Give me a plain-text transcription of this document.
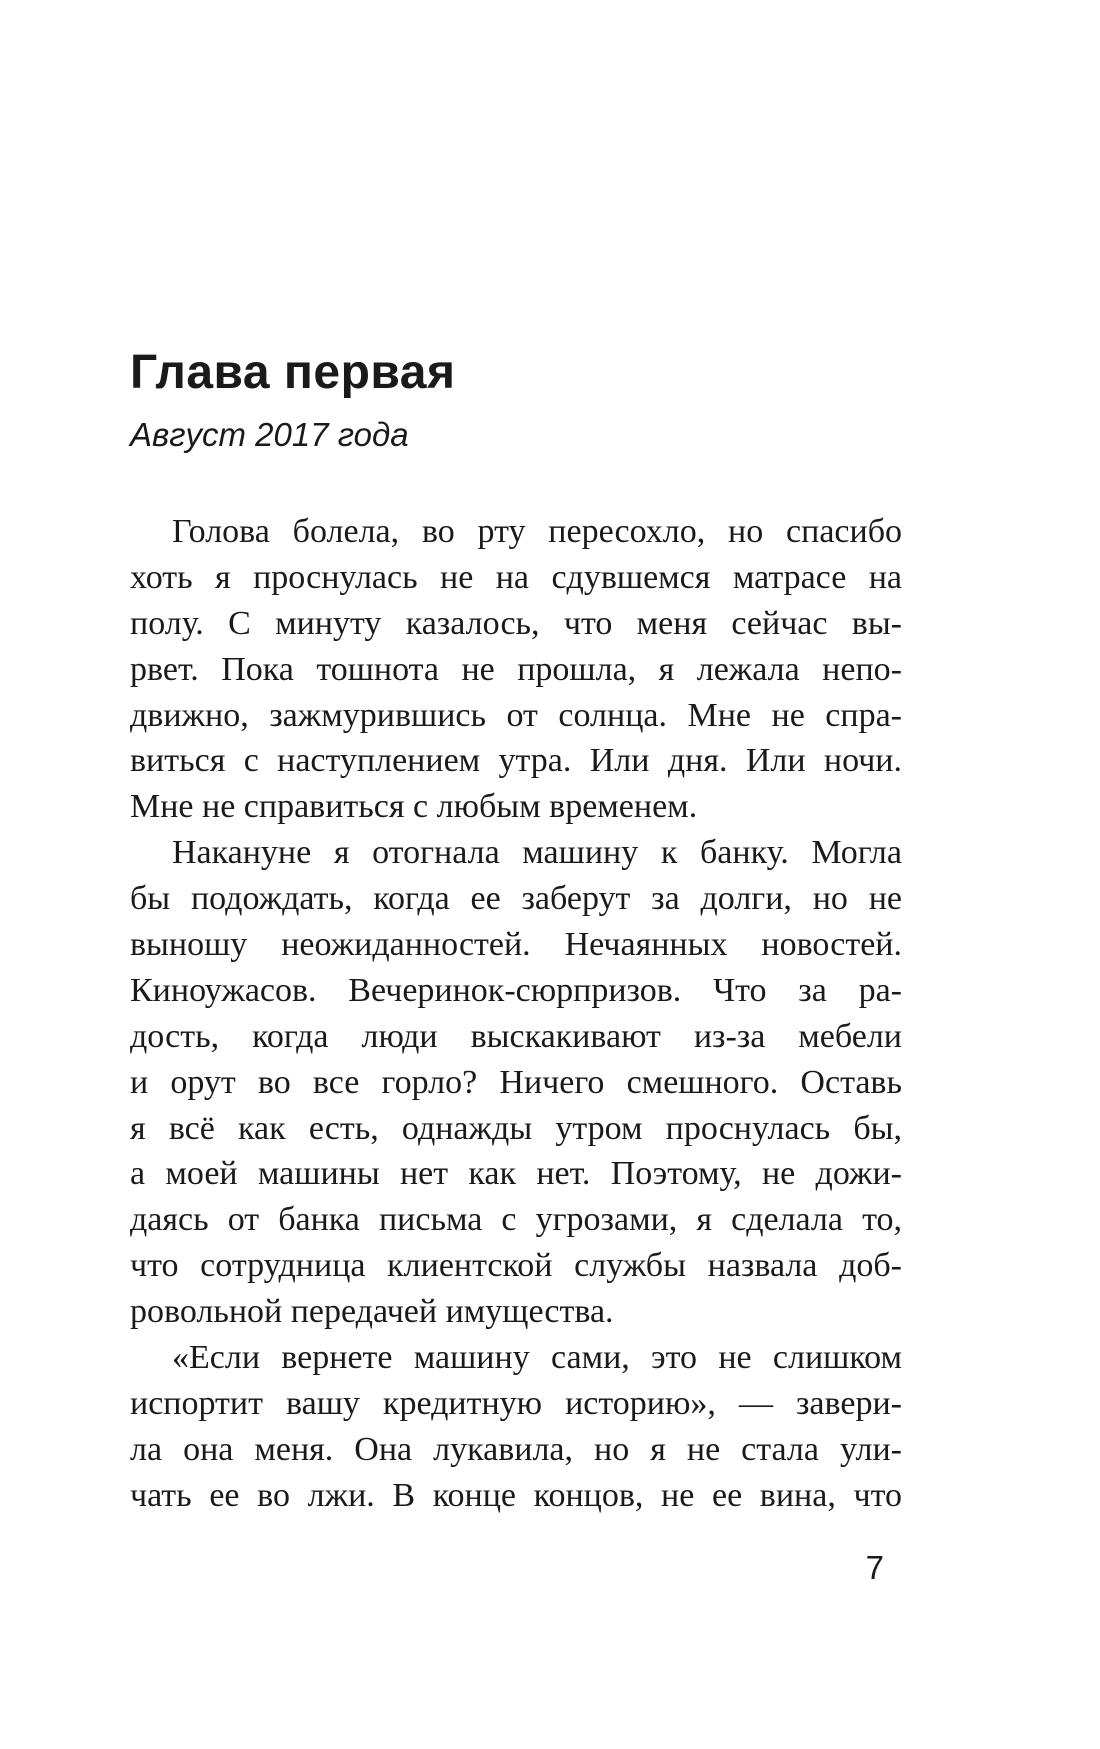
Глава первая

Август 2017 года

Голова болела, во рту пересохло, но спасибо
хоть я проснулась не на сдувшемся матрасе на
полу. С минуту казалось, что меня сейчас вы-
рвет. Пока тошнота не прошла, я лежала непо-
движно, зажмурившись от солнца. Мне не спра-
виться с наступлением утра. Или дня. Или ночи.
Мне не справиться с любым временем.
Накануне я отогнала машину к банку. Могла
бы подождать, когда ее заберут за долги, но не
выношу неожиданностей. Нечаянных новостей.
Киноужасов. Вечеринок-сюрпризов. Что за ра-
дость, когда люди выскакивают из-за мебели
и орут во все горло? Ничего смешного. Оставь
я всё как есть, однажды утром проснулась бы,
а моей машины нет как нет. Поэтому, не дожи-
даясь от банка письма с угрозами, я сделала то,
что сотрудница клиентской службы назвала доб-
ровольной передачей имущества.
«Если вернете машину сами, это не слишком
испортит вашу кредитную историю», — завери-
ла она меня. Она лукавила, но я не стала ули-
чать ее во лжи. В конце концов, не ее вина, что
7
